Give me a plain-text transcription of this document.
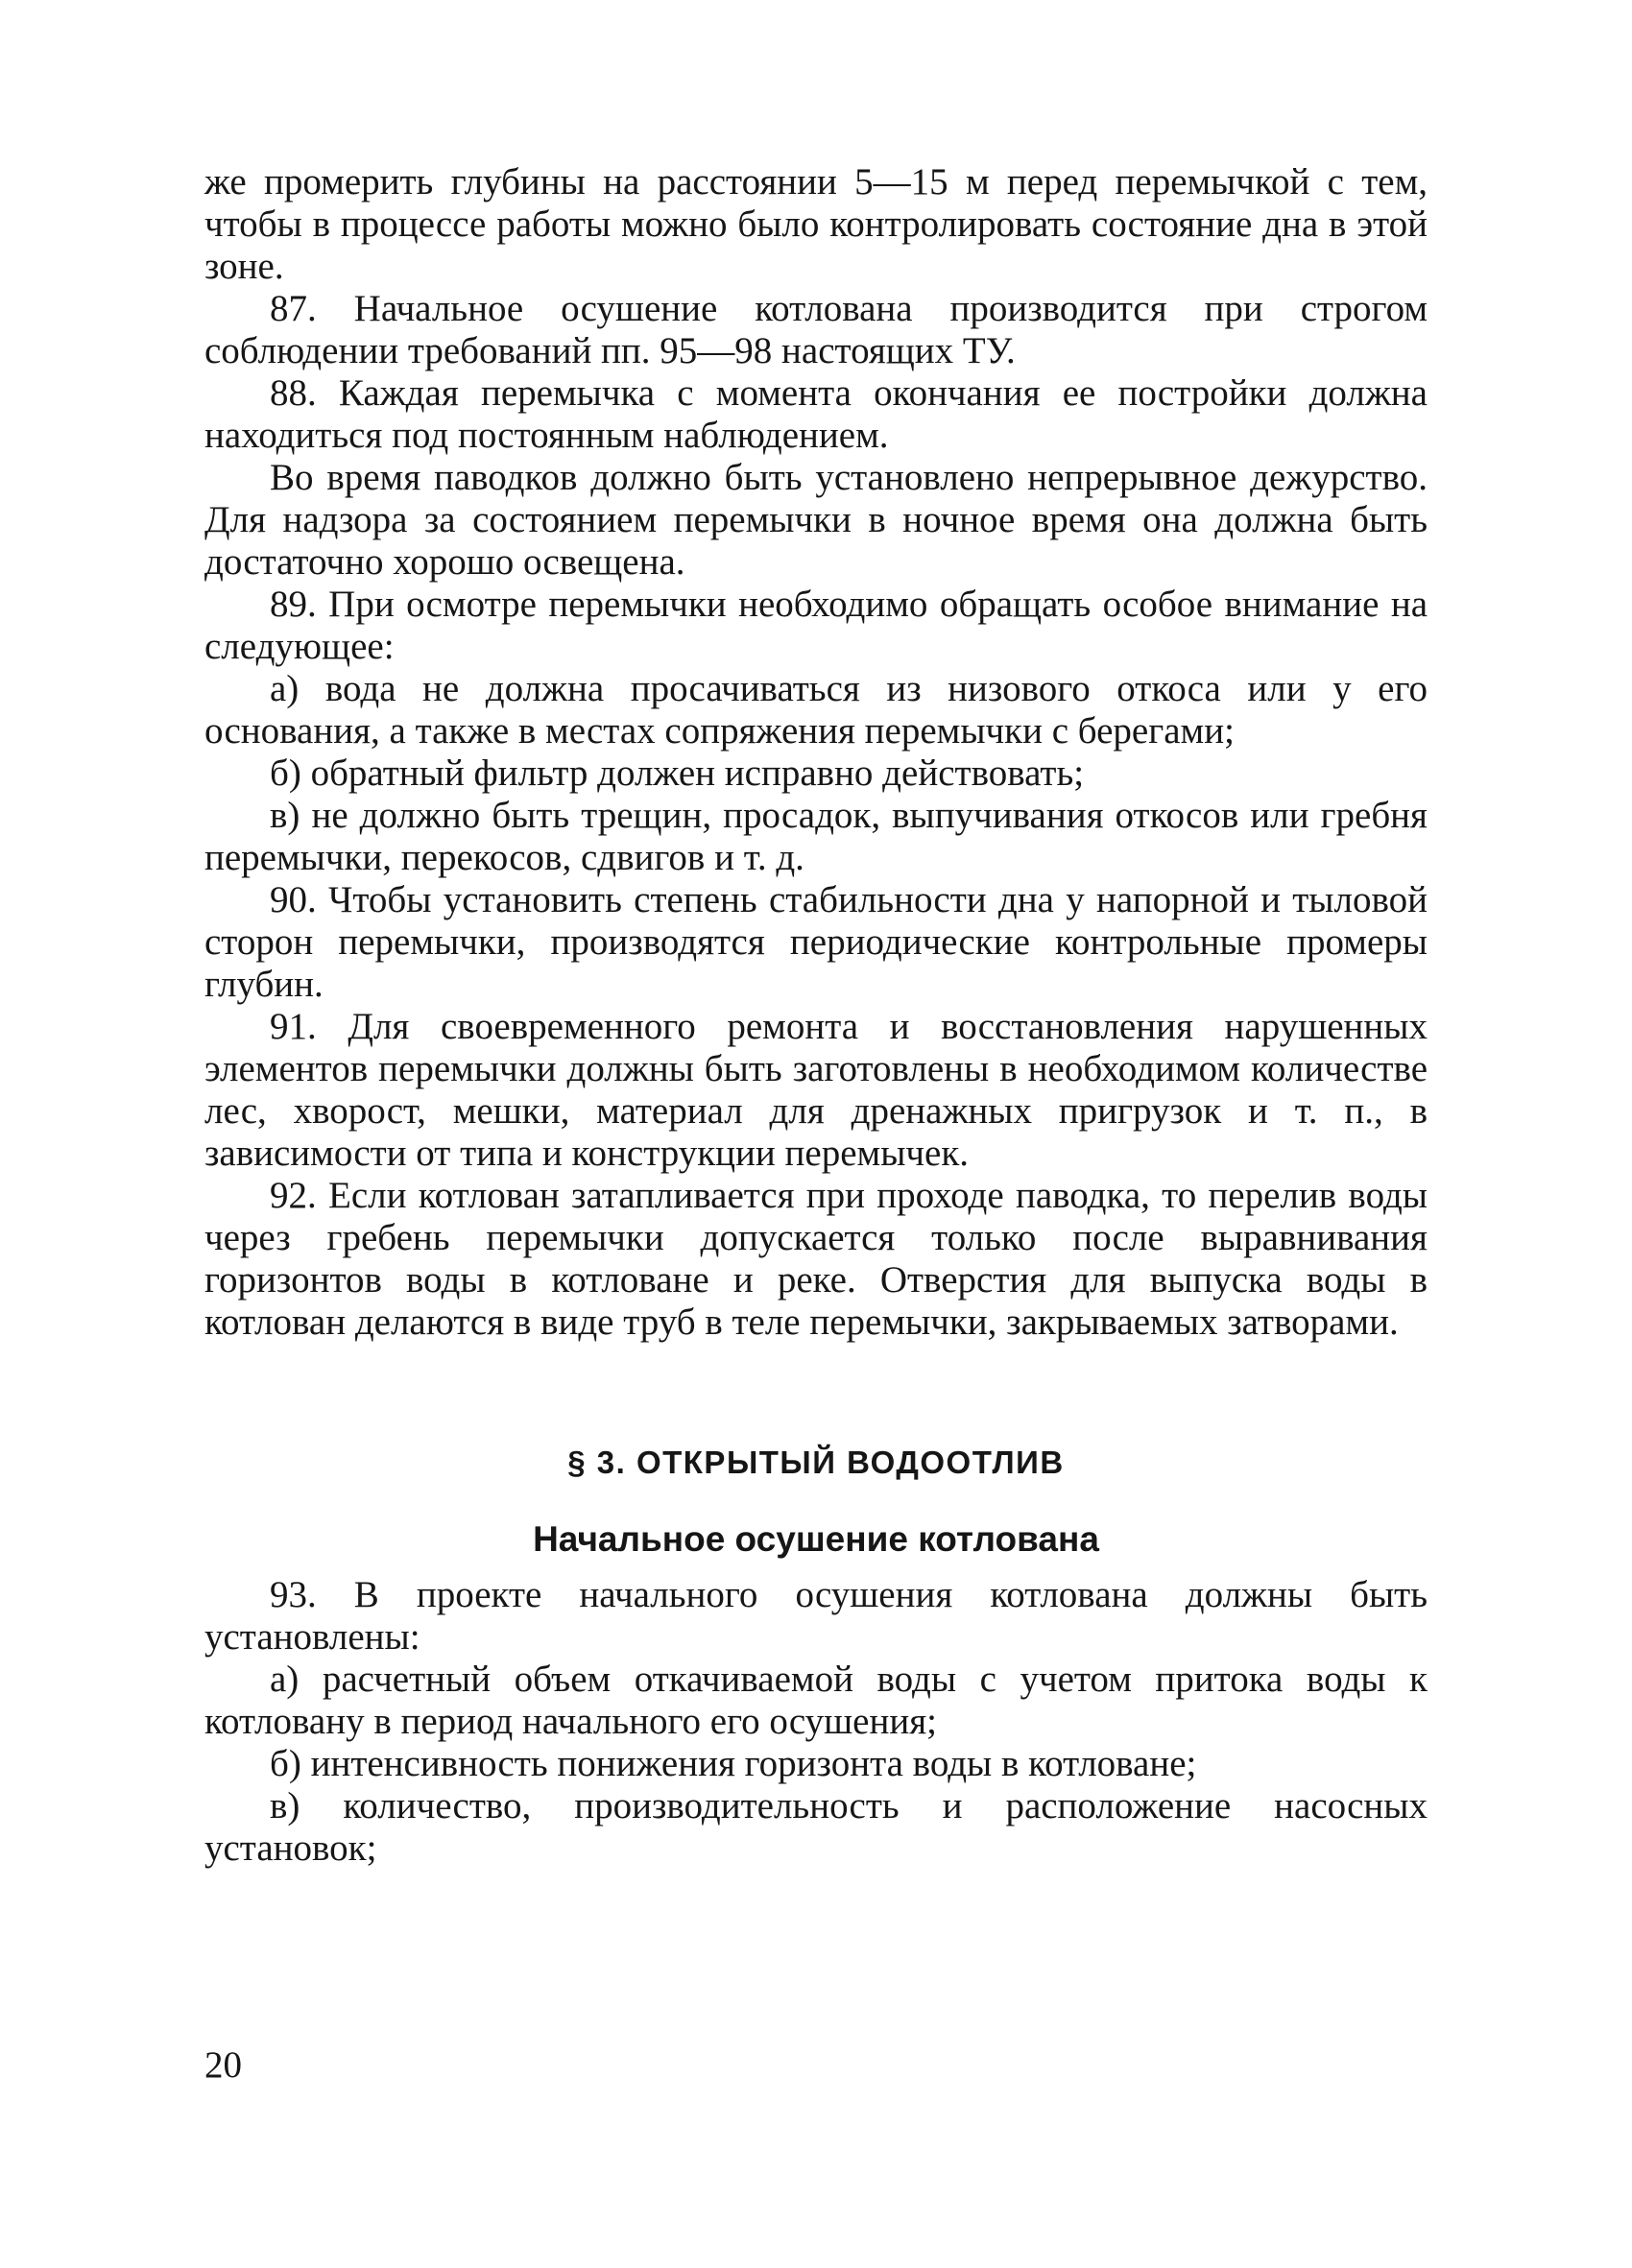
же промерить глубины на расстоянии 5—15 м перед перемычкой с тем, чтобы в процессе работы можно было контролировать состояние дна в этой зоне.

87. Начальное осушение котлована производится при строгом соблюдении требований пп. 95—98 настоящих ТУ.

88. Каждая перемычка с момента окончания ее постройки должна находиться под постоянным наблюдением.

Во время паводков должно быть установлено непрерывное дежурство. Для надзора за состоянием перемычки в ночное время она должна быть достаточно хорошо освещена.

89. При осмотре перемычки необходимо обращать особое внимание на следующее:

а) вода не должна просачиваться из низового откоса или у его основания, а также в местах сопряжения перемычки с берегами;

б) обратный фильтр должен исправно действовать;

в) не должно быть трещин, просадок, выпучивания откосов или гребня перемычки, перекосов, сдвигов и т. д.

90. Чтобы установить степень стабильности дна у напорной и тыловой сторон перемычки, производятся периодические контрольные промеры глубин.

91. Для своевременного ремонта и восстановления нарушенных элементов перемычки должны быть заготовлены в необходимом количестве лес, хворост, мешки, материал для дренажных пригрузок и т. п., в зависимости от типа и конструкции перемычек.

92. Если котлован затапливается при проходе паводка, то перелив воды через гребень перемычки допускается только после выравнивания горизонтов воды в котловане и реке. Отверстия для выпуска воды в котлован делаются в виде труб в теле перемычки, закрываемых затворами.

§ 3. ОТКРЫТЫЙ ВОДООТЛИВ
Начальное осушение котлована

93. В проекте начального осушения котлована должны быть установлены:

а) расчетный объем откачиваемой воды с учетом притока воды к котловану в период начального его осушения;

б) интенсивность понижения горизонта воды в котловане;

в) количество, производительность и расположение насосных установок;

20
